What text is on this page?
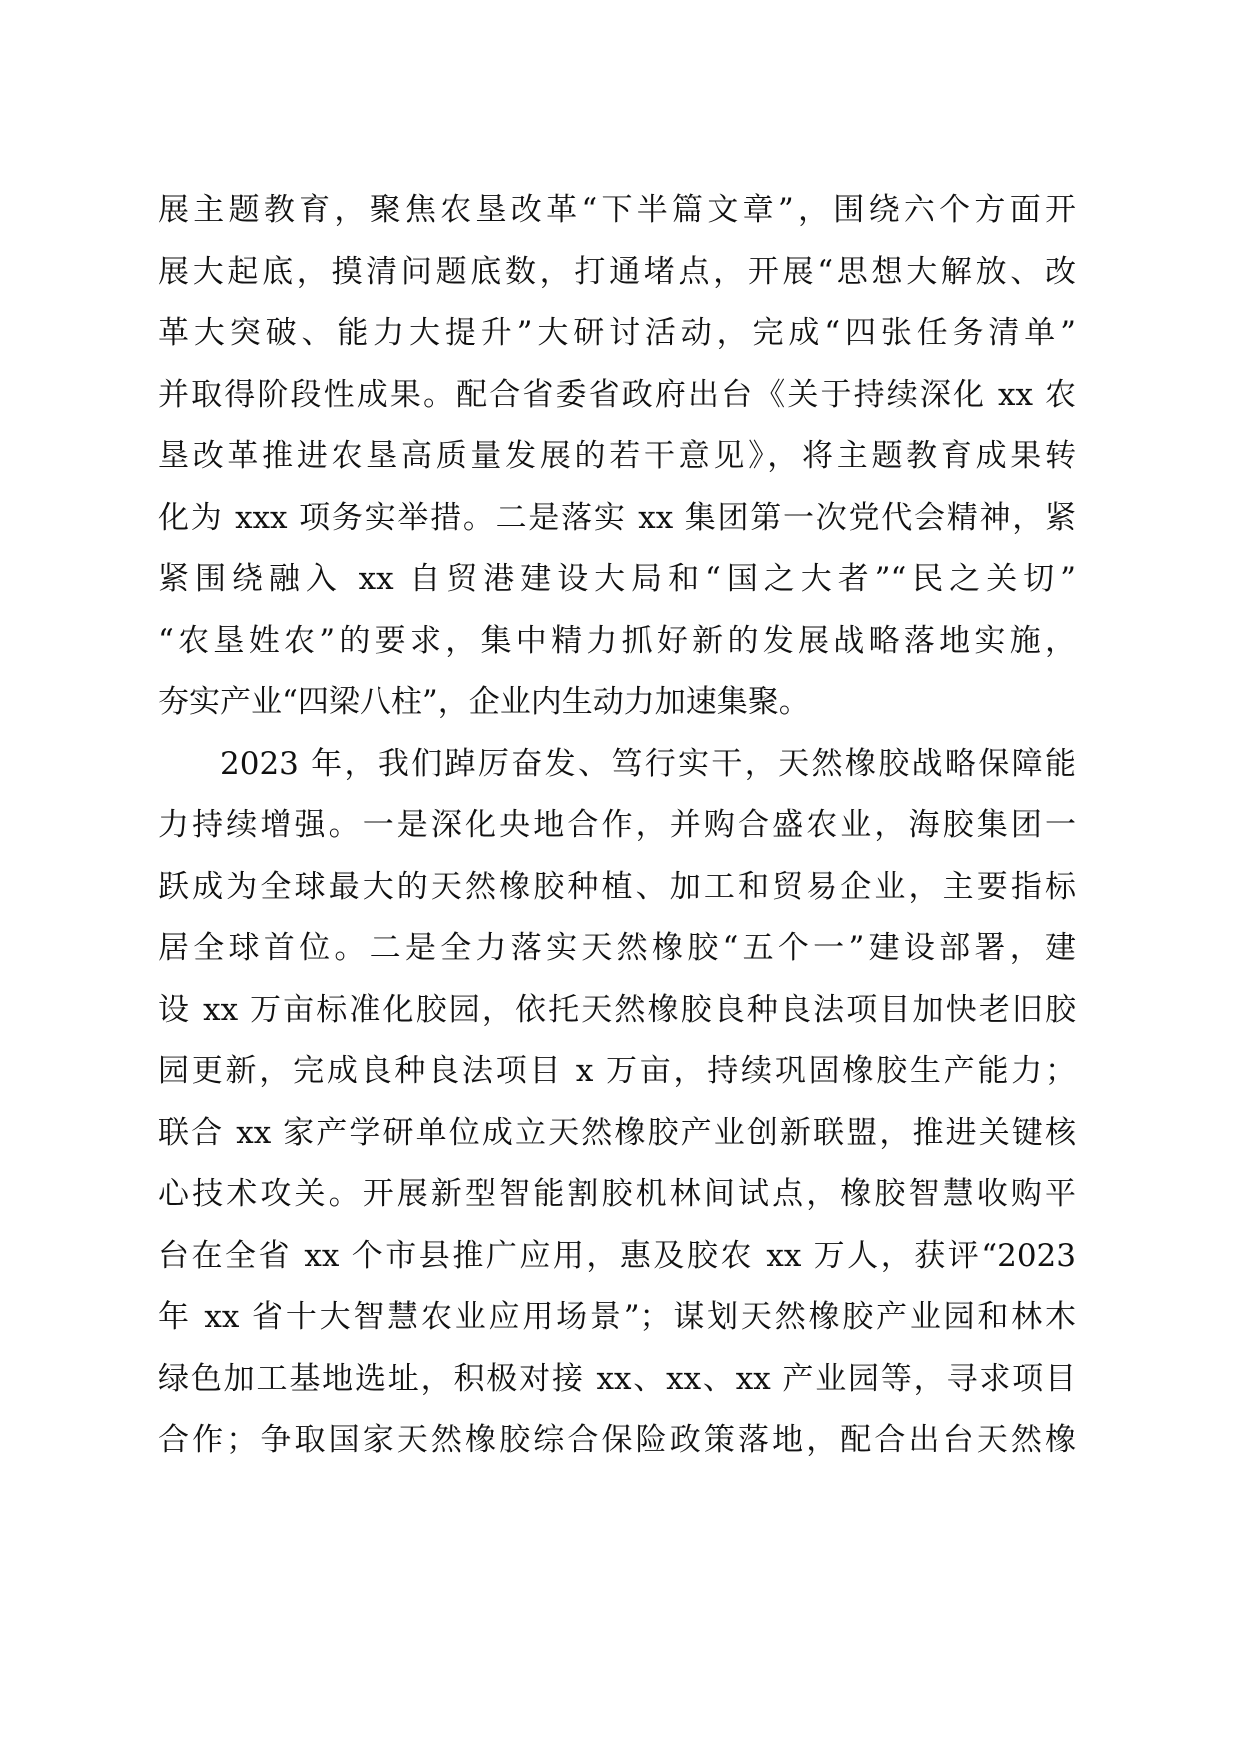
展主题教育，聚焦农垦改革“下半篇文章”，围绕六个方面开
展大起底，摸清问题底数，打通堵点，开展“思想大解放、改
革大突破、能力大提升”大研讨活动，完成“四张任务清单”
并取得阶段性成果。配合省委省政府出台《关于持续深化 xx 农
垦改革推进农垦高质量发展的若干意见》，将主题教育成果转
化为 xxx 项务实举措。二是落实 xx 集团第一次党代会精神，紧
紧围绕融入 xx 自贸港建设大局和“国之大者”“民之关切”
“农垦姓农”的要求，集中精力抓好新的发展战略落地实施，
夯实产业“四梁八柱”，企业内生动力加速集聚。
2023 年，我们踔厉奋发、笃行实干，天然橡胶战略保障能
力持续增强。一是深化央地合作，并购合盛农业，海胶集团一
跃成为全球最大的天然橡胶种植、加工和贸易企业，主要指标
居全球首位。二是全力落实天然橡胶“五个一”建设部署，建
设 xx 万亩标准化胶园，依托天然橡胶良种良法项目加快老旧胶
园更新，完成良种良法项目 x 万亩，持续巩固橡胶生产能力；
联合 xx 家产学研单位成立天然橡胶产业创新联盟，推进关键核
心技术攻关。开展新型智能割胶机林间试点，橡胶智慧收购平
台在全省 xx 个市县推广应用，惠及胶农 xx 万人，获评“2023
年 xx 省十大智慧农业应用场景”；谋划天然橡胶产业园和林木
绿色加工基地选址，积极对接 xx、xx、xx 产业园等，寻求项目
合作；争取国家天然橡胶综合保险政策落地，配合出台天然橡
